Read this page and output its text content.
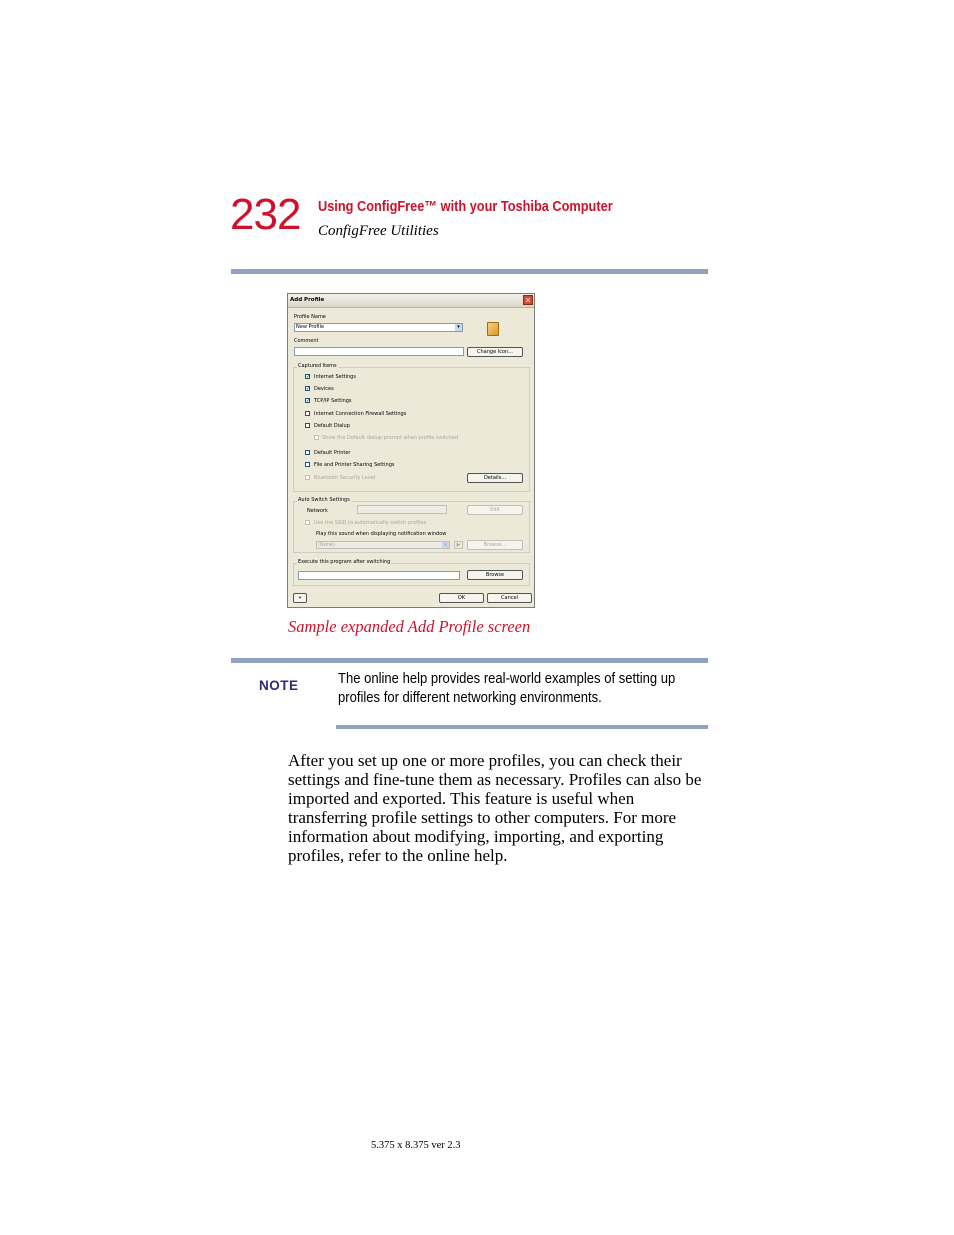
232 Using ConfigFree™ with your Toshiba Computer
ConfigFree Utilities
Add Profile	✕
Profile Name
New Profile	▾
Comment
Change Icon...
Captured Items
✓ Internet Settings
✓ Devices
✓ TCP/IP Settings
Internet Connection Firewall Settings
Default Dialup
Show the Default dialup prompt when profile switched
Default Printer
File and Printer Sharing Settings
Bluetooth Security Level	Details...
Auto Switch Settings
Network	Edit
Use the SSID to automatically switch profiles
Play this sound when displaying notification window
(None)	▾	▶	Browse...
Execute this program after switching
Browse
«	OK	Cancel
Sample expanded Add Profile screen
NOTE	The online help provides real-world examples of setting up profiles for different networking environments.
After you set up one or more profiles, you can check their settings and fine-tune them as necessary. Profiles can also be imported and exported. This feature is useful when transferring profile settings to other computers. For more information about modifying, importing, and exporting profiles, refer to the online help.
5.375 x 8.375 ver 2.3
